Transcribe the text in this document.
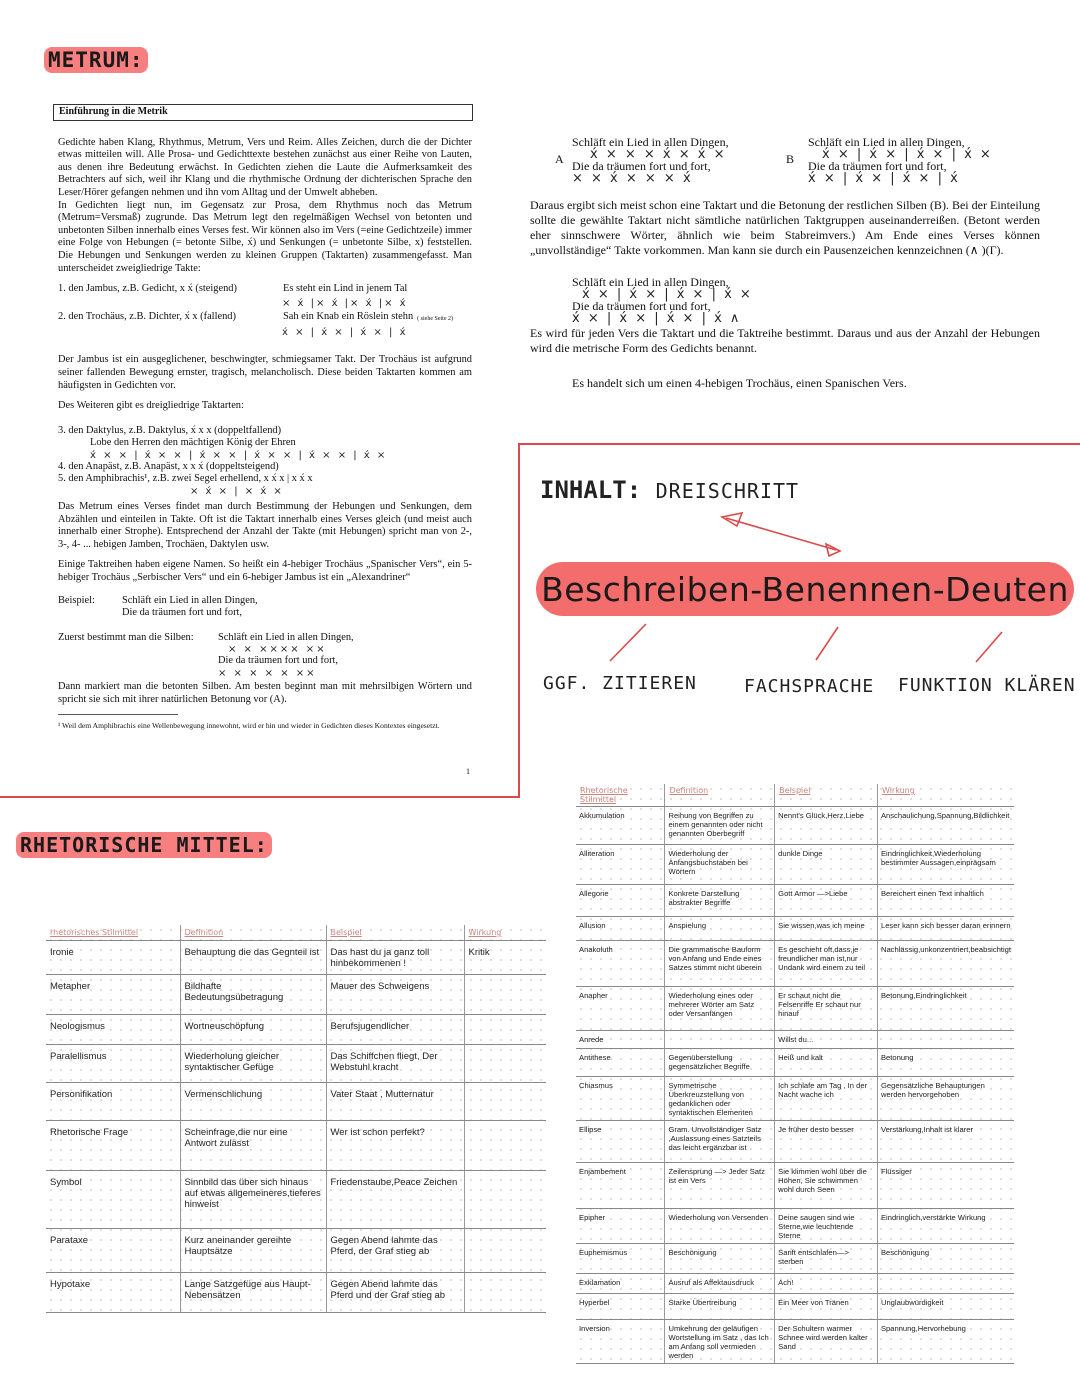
METRUM:
RHETORISCHE MITTEL:
Einführung in die Metrik

Gedichte haben Klang, Rhythmus, Metrum, Vers und Reim. Alles Zeichen, durch die der Dichter etwas mitteilen will. Alle Prosa- und Gedichttexte bestehen zunächst aus einer Reihe von Lauten, aus denen ihre Bedeutung erwächst. In Gedichten ziehen die Laute die Aufmerksamkeit des Betrachters auf sich, weil ihr Klang und die rhythmische Ordnung der dichterischen Sprache den Leser/Hörer gefangen nehmen und ihn vom Alltag und der Umwelt abheben.

In Gedichten liegt nun, im Gegensatz zur Prosa, dem Rhythmus noch das Metrum (Metrum=Versmaß) zugrunde. Das Metrum legt den regelmäßigen Wechsel von betonten und unbetonten Silben innerhalb eines Verses fest. Wir können also im Vers (=eine Gedichtzeile) immer eine Folge von Hebungen (= betonte Silbe, x́) und Senkungen (= unbetonte Silbe, x) feststellen. Die Hebungen und Senkungen werden zu kleinen Gruppen (Taktarten) zusammengefasst. Man unterscheidet zweigliedrige Takte:

1. den Jambus, z.B. Gedicht, x x́ (steigend)	Es steht ein Lind in jenem Tal
× x́ |× x́ |× x́ |× x́
2. den Trochäus, z.B. Dichter, x́ x (fallend)	Sah ein Knab ein Röslein stehn ( siehe Seite 2)
x́ × | x́ × | x́ × | x́

Der Jambus ist ein ausgeglichener, beschwingter, schmiegsamer Takt. Der Trochäus ist aufgrund seiner fallenden Bewegung ernster, tragisch, melancholisch. Diese beiden Taktarten kommen am häufigsten in Gedichten vor.

Des Weiteren gibt es dreigliedrige Taktarten:

3. den Daktylus, z.B. Daktylus, x́ x x (doppeltfallend)
Lobe den Herren den mächtigen König der Ehren
x́ × × | x́ × × | x́ × × | x́ × × | x́ × × | x́ ×
4. den Anapäst, z.B. Anapäst, x x x́ (doppeltsteigend)
5. den Amphibrachis¹, z.B. zwei Segel erhellend, x x́ x | x x́ x
× x́ × | × x́ ×

Das Metrum eines Verses findet man durch Bestimmung der Hebungen und Senkungen, dem Abzählen und einteilen in Takte. Oft ist die Taktart innerhalb eines Verses gleich (und meist auch innerhalb einer Strophe). Entsprechend der Anzahl der Takte (mit Hebungen) spricht man von 2-, 3-, 4- ... hebigen Jamben, Trochäen, Daktylen usw.

Einige Taktreihen haben eigene Namen. So heißt ein 4-hebiger Trochäus „Spanischer Vers“, ein 5-hebiger Trochäus „Serbischer Vers“ und ein 6-hebiger Jambus ist ein „Alexandriner“

Beispiel:	Schläft ein Lied in allen Dingen,
Die da träumen fort und fort,
Zuerst bestimmt man die Silben:	Schläft ein Lied in allen Dingen,
× × ×××× ××
Die da träumen fort und fort,
× × × × × ××

Dann markiert man die betonten Silben. Am besten beginnt man mit mehrsilbigen Wörtern und spricht sie sich mit ihrer natürlichen Betonung vor (A).

¹ Weil dem Amphibrachis eine Wellenbewegung innewohnt, wird er hin und wieder in Gedichten dieses Kontextes eingesetzt.
1
A
Schläft ein Lied in allen Dingen,
x́ × × × x́ × x́ ×
Die da träumen fort und fort,
× × x́ × × × x́
B
Schläft ein Lied in allen Dingen,
x́ × | x́ × | x́ × | x́ ×
Die da träumen fort und fort,
x́ × | x́ × | x́ × | x́

Daraus ergibt sich meist schon eine Taktart und die Betonung der restlichen Silben (B). Bei der Einteilung sollte die gewählte Taktart nicht sämtliche natürlichen Taktgruppen auseinanderreißen. (Betont werden eher sinnschwere Wörter, ähnlich wie beim Stabreimvers.) Am Ende eines Verses können „unvollständige“ Takte vorkommen. Man kann sie durch ein Pausenzeichen kennzeichnen (∧ )(Γ).

Schläft ein Lied in allen Dingen,
x́ × | x́ × | x́ × | x́ ×
Die da träumen fort und fort,
x́ × | x́ × | x́ × | x́ ∧

Es wird für jeden Vers die Taktart und die Taktreihe bestimmt. Daraus und aus der Anzahl der Hebungen wird die metrische Form des Gedichts benannt.

Es handelt sich um einen 4-hebigen Trochäus, einen Spanischen Vers.

INHALT: DREISCHRITT
Beschreiben-Benennen-Deuten
GGF. ZITIEREN	FACHSPRACHE FUNKTION KLÄREN
rhetorisches Stilmittel	Definition	Beispiel	Wirkung
Ironie	Behauptung die das Gegnteil ist	Das hast du ja ganz toll hinbekommenen !	Kritik
Metapher	Bildhafte Bedeutungsübetragung	Mauer des Schweigens	
Neologismus	Wortneuschöpfung	Berufsjugendlicher	
Paralellismus	Wiederholung gleicher syntaktischer Gefüge	Das Schiffchen fliegt, Der Webstuhl kracht	
Personifikation	Vermenschlichung	Vater Staat , Mutternatur	
Rhetorische Frage	Scheinfrage,die nur eine Antwort zulässt	Wer ist schon perfekt?	
Symbol	Sinnbild das über sich hinaus auf etwas allgemeineres,tieferes hinweist	Friedenstaube,Peace Zeichen	
Parataxe	Kurz aneinander gereihte Hauptsätze	Gegen Abend lahmte das Pferd, der Graf stieg ab	
Hypotaxe	Lange Satzgefüge aus Haupt- Nebensätzen	Gegen Abend lahmte das Pferd und der Graf stieg ab	
Rhetorische Stilmittel	Definition	Beispiel	Wirkung
Akkumulation	Reihung von Begriffen zu einem genannten oder nicht genannten Oberbegriff	Nennt's Glück,Herz,Liebe	Anschaulichung,Spannung,Bildlichkeit
Alliteration	Wiederholung der Anfangsbuchstaben bei Wörtern	dunkle Dinge	Eindringlichkeit,Wiederholung bestimmter Aussagen,einprägsam
Allegorie	Konkrete Darstellung abstrakter Begriffe	Gott Armor —>Liebe	Bereichert einen Text inhaltlich
Allusion	Anspielung	Sie wissen,was ich meine	Leser kann sich besser daran erinnern
Anakoluth	Die grammatische Bauform von Anfang und Ende eines Satzes stimmt nicht überein	Es geschieht oft,dass,je freundlicher man ist,nur Undank wird einem zu teil	Nachlässig,unkonzentriert,beabsichtigt
Anapher	Wiederholung eines oder mehrerer Wörter am Satz oder Versanfängen	Er schaut nicht die Felsenriffe Er schaut nur hinauf	Betonung,Eindringlichkeit
Anrede		Willst du...	
Antithese	Gegenüberstellung gegensätzlicher Begriffe	Heiß und kalt	Betonung
Chiasmus	Symmetrische Überkreuzstellung von gedanklichen oder syntaktischen Elementen	Ich schlafe am Tag , In der Nacht wache ich	Gegensätzliche Behauptungen werden hervorgehoben
Ellipse	Gram. Unvollständiger Satz ,Auslassung eines Satzteils das leicht ergänzbar ist	Je früher desto besser	Verstärkung,Inhalt ist klarer
Enjambement	Zeilensprung —> Jeder Satz ist ein Vers	Sie klimmen wohl über die Höhen, Sie schwimmen wohl durch Seen	Flüssiger
Epipher	Wiederholung von Versenden	Deine saugen sind wie Sterne,wie leuchtende Sterne	Eindringlich,verstärkte Wirkung
Euphemismus	Beschönigung	Sanft entschlafen—> sterben	Beschönigung
Exklamation	Ausruf als Affektausdruck	Ach!	
Hyperbel	Starke Übertreibung	Ein Meer von Tränen	Unglaubwürdigkeit
Inversion	Umkehrung der geläufigen Wortstellung im Satz , das Ich am Anfang soll vermieden werden	Der Schultern warmer Schnee wird werden kalter Sand	Spannung,Hervorhebung
